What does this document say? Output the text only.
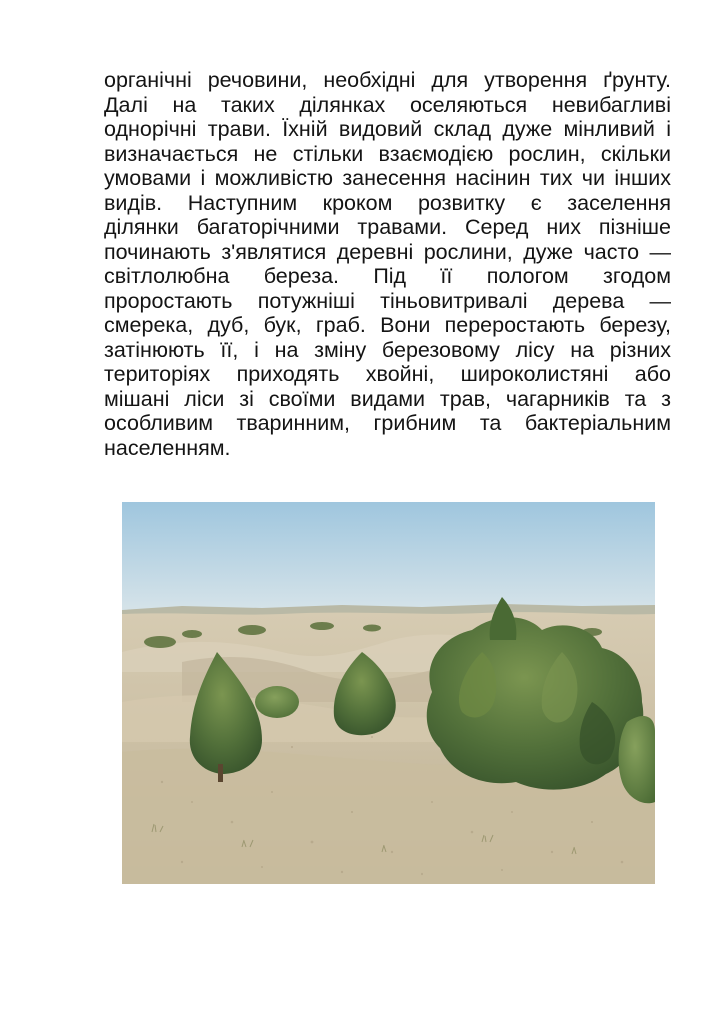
органічні речовини, необхідні для утворення ґрунту.
Далі на таких ділянках оселяються невибагливі
однорічні трави. Їхній видовий склад дуже мінливий і
визначається не стільки взаємодією рослин, скільки
умовами і можливістю занесення насінин тих чи інших
видів. Наступним кроком розвитку є заселення
ділянки багаторічними травами. Серед них пізніше
починають з'являтися деревні рослини, дуже часто —
світлолюбна береза. Під її пологом згодом
проростають потужніші тіньовитривалі дерева —
смерека, дуб, бук, граб. Вони переростають березу,
затінюють її, і на зміну березовому лісу на різних
територіях приходять хвойні, широколистяні або
мішані ліси зі своїми видами трав, чагарників та з
особливим тваринним, грибним та бактеріальним
населенням.
